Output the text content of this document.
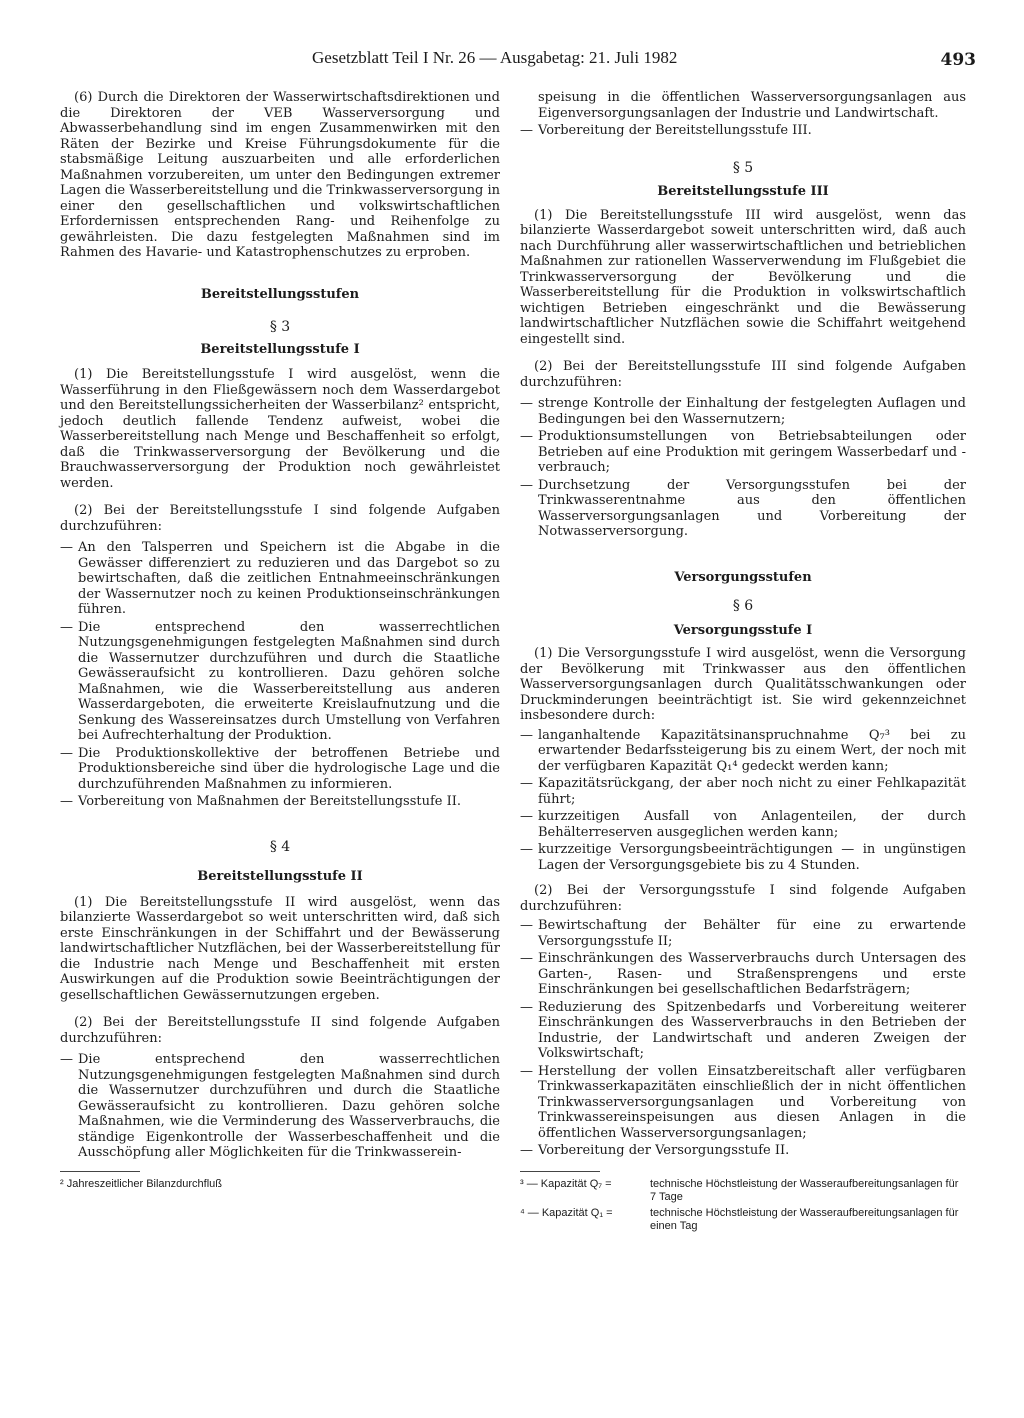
Gesetzblatt Teil I Nr. 26 — Ausgabetag: 21. Juli 1982	493

(6) Durch die Direktoren der Wasserwirtschaftsdirektionen und die Direktoren der VEB Wasserversorgung und Abwasserbehandlung sind im engen Zusammenwirken mit den Räten der Bezirke und Kreise Führungsdokumente für die stabsmäßige Leitung auszuarbeiten und alle erforderlichen Maßnahmen vorzubereiten, um unter den Bedingungen extremer Lagen die Wasserbereitstellung und die Trinkwasserversorgung in einer den gesellschaftlichen und volkswirtschaftlichen Erfordernissen entsprechenden Rang- und Reihenfolge zu gewährleisten. Die dazu festgelegten Maßnahmen sind im Rahmen des Havarie- und Katastrophenschutzes zu erproben.

Bereitstellungsstufen

§ 3

Bereitstellungsstufe I

(1) Die Bereitstellungsstufe I wird ausgelöst, wenn die Wasserführung in den Fließgewässern noch dem Wasserdargebot und den Bereitstellungssicherheiten der Wasserbilanz² entspricht, jedoch deutlich fallende Tendenz aufweist, wobei die Wasserbereitstellung nach Menge und Beschaffenheit so erfolgt, daß die Trinkwasserversorgung der Bevölkerung und die Brauchwasserversorgung der Produktion noch gewährleistet werden.

(2) Bei der Bereitstellungsstufe I sind folgende Aufgaben durchzuführen:

— An den Talsperren und Speichern ist die Abgabe in die Gewässer differenziert zu reduzieren und das Dargebot so zu bewirtschaften, daß die zeitlichen Entnahmeeinschränkungen der Wassernutzer noch zu keinen Produktionseinschränkungen führen.
— Die entsprechend den wasserrechtlichen Nutzungsgenehmigungen festgelegten Maßnahmen sind durch die Wassernutzer durchzuführen und durch die Staatliche Gewässeraufsicht zu kontrollieren. Dazu gehören solche Maßnahmen, wie die Wasserbereitstellung aus anderen Wasserdargeboten, die erweiterte Kreislaufnutzung und die Senkung des Wassereinsatzes durch Umstellung von Verfahren bei Aufrechterhaltung der Produktion.
— Die Produktionskollektive der betroffenen Betriebe und Produktionsbereiche sind über die hydrologische Lage und die durchzuführenden Maßnahmen zu informieren.
— Vorbereitung von Maßnahmen der Bereitstellungsstufe II.

§ 4

Bereitstellungsstufe II

(1) Die Bereitstellungsstufe II wird ausgelöst, wenn das bilanzierte Wasserdargebot so weit unterschritten wird, daß sich erste Einschränkungen in der Schiffahrt und der Bewässerung landwirtschaftlicher Nutzflächen, bei der Wasserbereitstellung für die Industrie nach Menge und Beschaffenheit mit ersten Auswirkungen auf die Produktion sowie Beeinträchtigungen der gesellschaftlichen Gewässernutzungen ergeben.

(2) Bei der Bereitstellungsstufe II sind folgende Aufgaben durchzuführen:

— Die entsprechend den wasserrechtlichen Nutzungsgenehmigungen festgelegten Maßnahmen sind durch die Wassernutzer durchzuführen und durch die Staatliche Gewässeraufsicht zu kontrollieren. Dazu gehören solche Maßnahmen, wie die Verminderung des Wasserverbrauchs, die ständige Eigenkontrolle der Wasserbeschaffenheit und die Ausschöpfung aller Möglichkeiten für die Trinkwasserein-
² Jahreszeitlicher Bilanzdurchfluß
speisung in die öffentlichen Wasserversorgungsanlagen aus Eigenversorgungsanlagen der Industrie und Landwirtschaft.
— Vorbereitung der Bereitstellungsstufe III.

§ 5

Bereitstellungsstufe III

(1) Die Bereitstellungsstufe III wird ausgelöst, wenn das bilanzierte Wasserdargebot soweit unterschritten wird, daß auch nach Durchführung aller wasserwirtschaftlichen und betrieblichen Maßnahmen zur rationellen Wasserverwendung im Flußgebiet die Trinkwasserversorgung der Bevölkerung und die Wasserbereitstellung für die Produktion in volkswirtschaftlich wichtigen Betrieben eingeschränkt und die Bewässerung landwirtschaftlicher Nutzflächen sowie die Schiffahrt weitgehend eingestellt sind.

(2) Bei der Bereitstellungsstufe III sind folgende Aufgaben durchzuführen:

— strenge Kontrolle der Einhaltung der festgelegten Auflagen und Bedingungen bei den Wassernutzern;
— Produktionsumstellungen von Betriebsabteilungen oder Betrieben auf eine Produktion mit geringem Wasserbedarf und -verbrauch;
— Durchsetzung der Versorgungsstufen bei der Trinkwasserentnahme aus den öffentlichen Wasserversorgungsanlagen und Vorbereitung der Notwasserversorgung.

Versorgungsstufen

§ 6

Versorgungsstufe I

(1) Die Versorgungsstufe I wird ausgelöst, wenn die Versorgung der Bevölkerung mit Trinkwasser aus den öffentlichen Wasserversorgungsanlagen durch Qualitätsschwankungen oder Druckminderungen beeinträchtigt ist. Sie wird gekennzeichnet insbesondere durch:

— langanhaltende Kapazitätsinanspruchnahme Q₇³ bei zu erwartender Bedarfssteigerung bis zu einem Wert, der noch mit der verfügbaren Kapazität Q₁⁴ gedeckt werden kann;
— Kapazitätsrückgang, der aber noch nicht zu einer Fehlkapazität führt;
— kurzzeitigen Ausfall von Anlagenteilen, der durch Behälterreserven ausgeglichen werden kann;
— kurzzeitige Versorgungsbeeinträchtigungen — in ungünstigen Lagen der Versorgungsgebiete bis zu 4 Stunden.

(2) Bei der Versorgungsstufe I sind folgende Aufgaben durchzuführen:

— Bewirtschaftung der Behälter für eine zu erwartende Versorgungsstufe II;
— Einschränkungen des Wasserverbrauchs durch Untersagen des Garten-, Rasen- und Straßensprengens und erste Einschränkungen bei gesellschaftlichen Bedarfsträgern;
— Reduzierung des Spitzenbedarfs und Vorbereitung weiterer Einschränkungen des Wasserverbrauchs in den Betrieben der Industrie, der Landwirtschaft und anderen Zweigen der Volkswirtschaft;
— Herstellung der vollen Einsatzbereitschaft aller verfügbaren Trinkwasserkapazitäten einschließlich der in nicht öffentlichen Trinkwasserversorgungsanlagen und Vorbereitung von Trinkwassereinspeisungen aus diesen Anlagen in die öffentlichen Wasserversorgungsanlagen;
— Vorbereitung der Versorgungsstufe II.
³ — Kapazität Q₇ =	technische Höchstleistung der Wasseraufbereitungsanlagen für 7 Tage
⁴ — Kapazität Q₁ =	technische Höchstleistung der Wasseraufbereitungsanlagen für einen Tag
